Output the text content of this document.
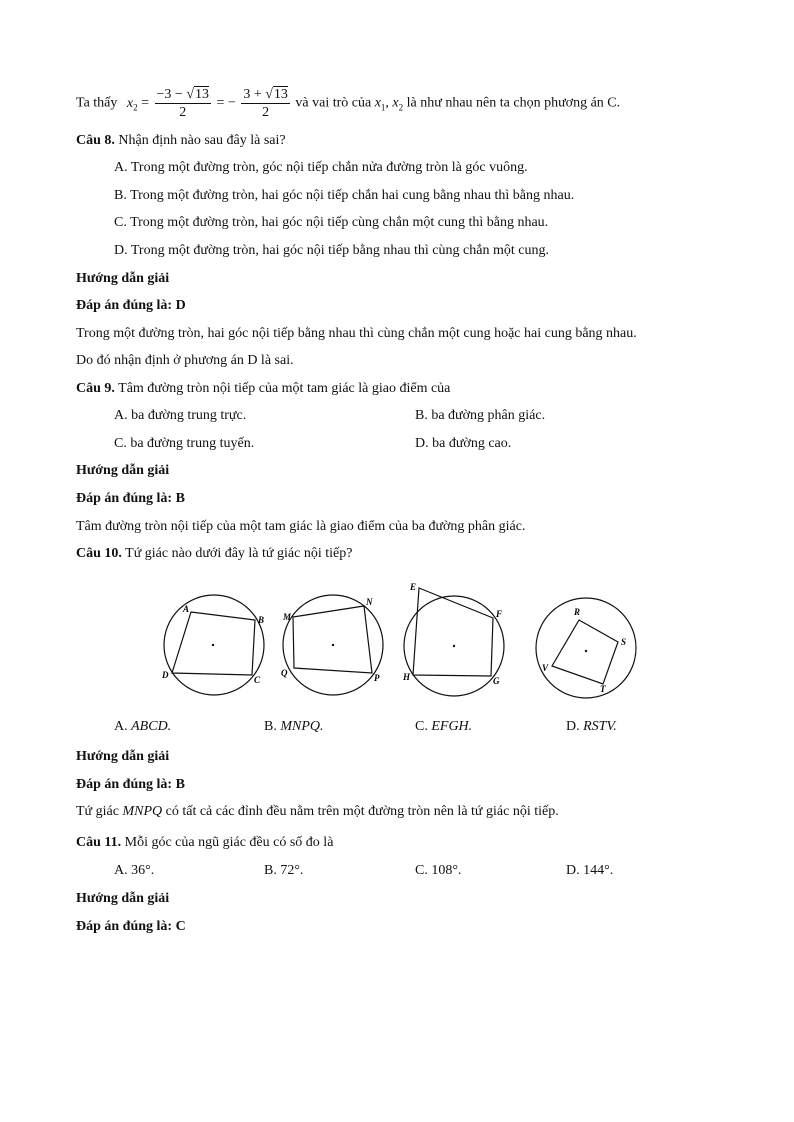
Ta thấy $x_2 = \frac{-3 - √13}{2}$ = − $\frac{3 + √13}{2}$ và vai trò của $x_1$, $x_2$ là như nhau nên ta chọn phương án C.
Câu 8. Nhận định nào sau đây là sai?
A. Trong một đường tròn, góc nội tiếp chắn nửa đường tròn là góc vuông.
B. Trong một đường tròn, hai góc nội tiếp chắn hai cung bằng nhau thì bằng nhau.
C. Trong một đường tròn, hai góc nội tiếp cùng chắn một cung thì bằng nhau.
D. Trong một đường tròn, hai góc nội tiếp bằng nhau thì cùng chắn một cung.
Hướng dẫn giải
Đáp án đúng là: D
Trong một đường tròn, hai góc nội tiếp bằng nhau thì cùng chắn một cung hoặc hai cung bằng nhau.
Do đó nhận định ở phương án D là sai.
Câu 9. Tâm đường tròn nội tiếp của một tam giác là giao điểm của
A. ba đường trung trực.	B. ba đường phân giác.
C. ba đường trung tuyến.	D. ba đường cao.
Hướng dẫn giải
Đáp án đúng là: B
Tâm đường tròn nội tiếp của một tam giác là giao điểm của ba đường phân giác.
Câu 10. Tứ giác nào dưới đây là tứ giác nội tiếp?
A
B
C
D
M
N
P
Q
E
F
G
H
R
S
T
V
A. ABCD.	B. MNPQ.	C. EFGH.	D. RSTV.
Hướng dẫn giải
Đáp án đúng là: B
Tứ giác MNPQ có tất cả các đỉnh đều nằm trên một đường tròn nên là tứ giác nội tiếp.
Câu 11. Mỗi góc của ngũ giác đều có số đo là
A. 36°.	B. 72°.	C. 108°.	D. 144°.
Hướng dẫn giải
Đáp án đúng là: C
